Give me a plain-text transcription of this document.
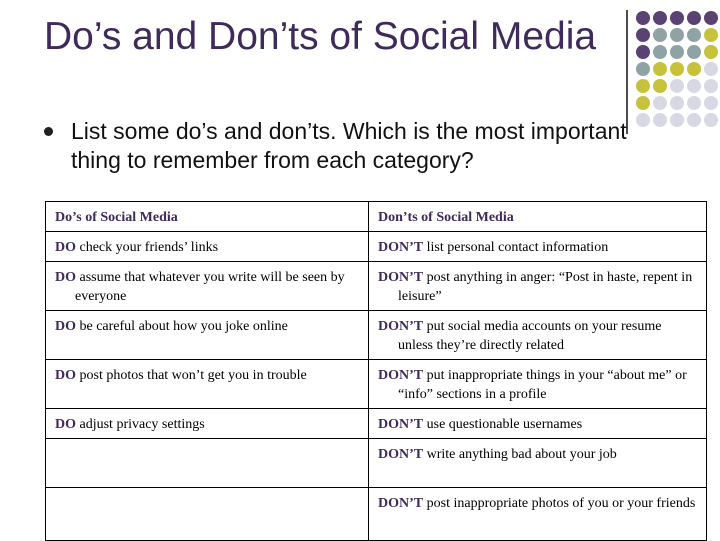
Do’s and Don’ts of Social Media

List some do’s and don’ts. Which is the most important thing to remember from each category?

Do’s of Social Media	Don’ts of Social Media

DO check your friends’ links	DON’T list personal contact information

DO assume that whatever you write will be seen by everyone	DON’T post anything in anger: “Post in haste, repent in leisure”

DO be careful about how you joke online	DON’T put social media accounts on your resume unless they’re directly related

DO post photos that won’t get you in trouble	DON’T put inappropriate things in your “about me” or “info” sections in a profile

DO adjust privacy settings	DON’T use questionable usernames

	DON’T write anything bad about your job

	DON’T post inappropriate photos of you or your friends
